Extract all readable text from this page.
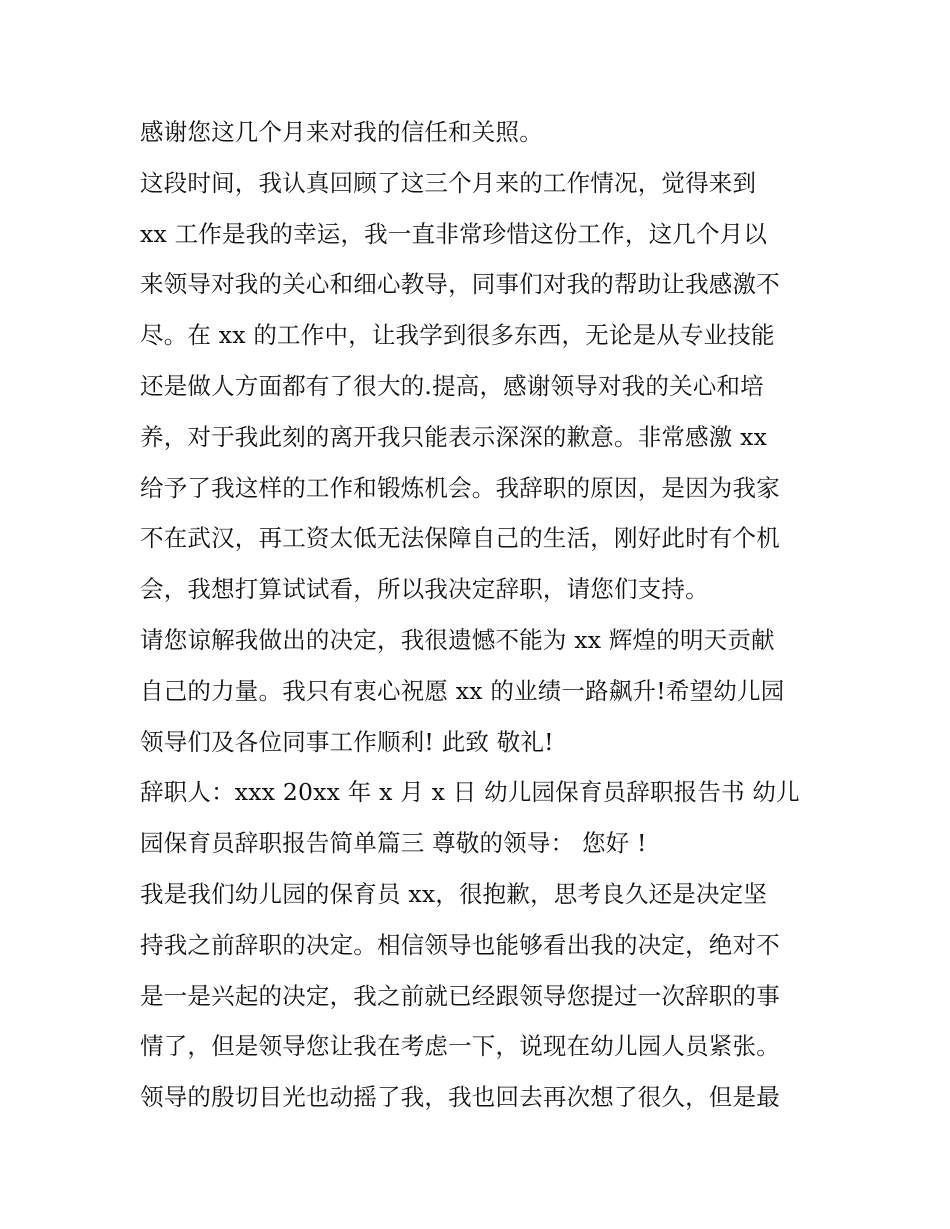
感谢您这几个月来对我的信任和关照。
这段时间，我认真回顾了这三个月来的工作情况，觉得来到
xx 工作是我的幸运，我一直非常珍惜这份工作，这几个月以
来领导对我的关心和细心教导，同事们对我的帮助让我感激不
尽。在 xx 的工作中，让我学到很多东西，无论是从专业技能
还是做人方面都有了很大的.提高，感谢领导对我的关心和培
养，对于我此刻的离开我只能表示深深的歉意。非常感激 xx
给予了我这样的工作和锻炼机会。我辞职的原因，是因为我家
不在武汉，再工资太低无法保障自己的生活，刚好此时有个机
会，我想打算试试看，所以我决定辞职，请您们支持。
请您谅解我做出的决定，我很遗憾不能为 xx 辉煌的明天贡献
自己的力量。我只有衷心祝愿 xx 的业绩一路飙升!希望幼儿园
领导们及各位同事工作顺利! 此致 敬礼!
辞职人：xxx 20xx 年 x 月 x 日 幼儿园保育员辞职报告书 幼儿
园保育员辞职报告简单篇三 尊敬的领导： 您好 !
我是我们幼儿园的保育员 xx，很抱歉，思考良久还是决定坚
持我之前辞职的决定。相信领导也能够看出我的决定，绝对不
是一是兴起的决定，我之前就已经跟领导您提过一次辞职的事
情了，但是领导您让我在考虑一下，说现在幼儿园人员紧张。
领导的殷切目光也动摇了我，我也回去再次想了很久，但是最
